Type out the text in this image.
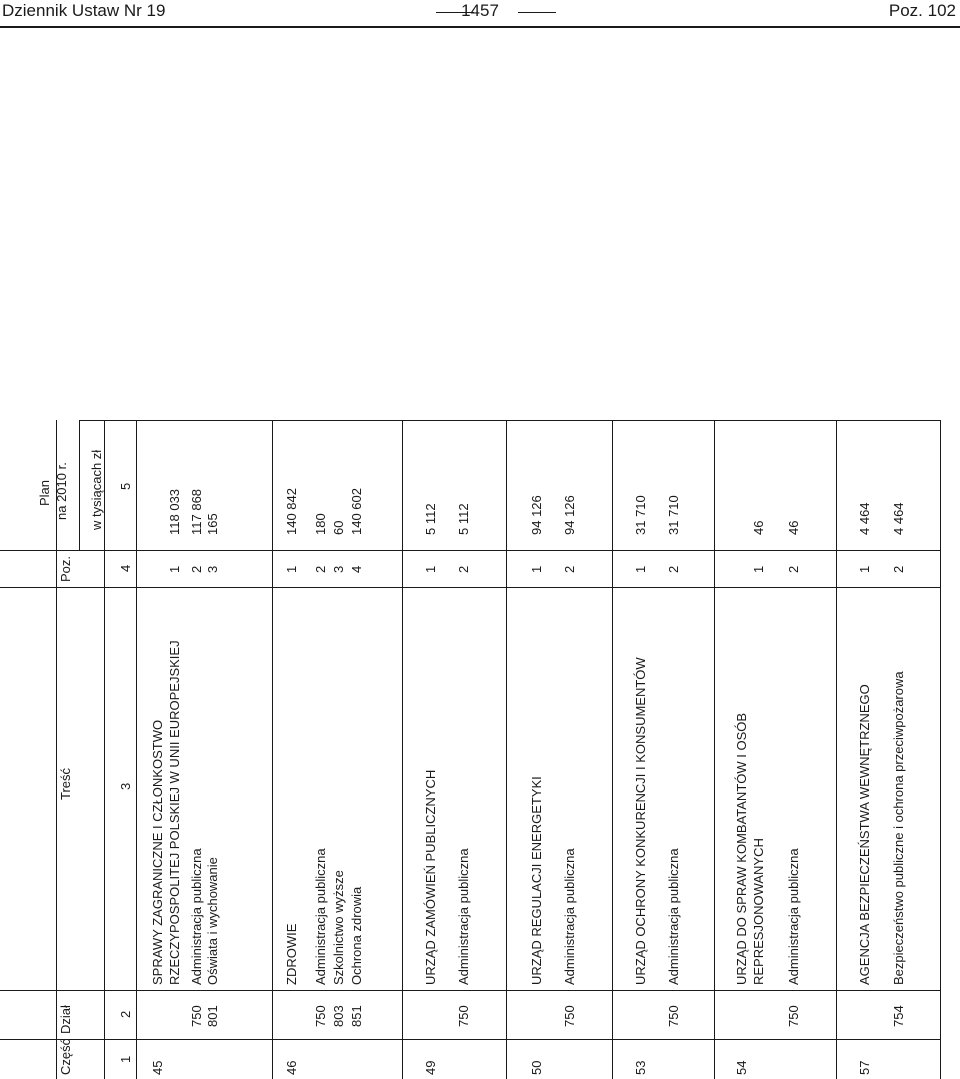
Dziennik Ustaw Nr 19	1457	Poz. 102
Część
Dział
Treść
Poz.
Plan na 2010 r. w tysiącach zł
1
2
3
4
5
45
SPRAWY ZAGRANICZNE I CZŁONKOSTWO RZECZYPOSPOLITEJ POLSKIEJ W UNII EUROPEJSKIEJ
1
118 033
750
Administracja publiczna
2
117 868
801
Oświata i wychowanie
3
165
46
ZDROWIE
1
140 842
750
Administracja publiczna
2
180
803
Szkolnictwo wyższe
3
60
851
Ochrona zdrowia
4
140 602
49
URZĄD ZAMÓWIEŃ PUBLICZNYCH
1
5 112
750
Administracja publiczna
2
5 112
50
URZĄD REGULACJI ENERGETYKI
1
94 126
750
Administracja publiczna
2
94 126
53
URZĄD OCHRONY KONKURENCJI I KONSUMENTÓW
1
31 710
750
Administracja publiczna
2
31 710
54
URZĄD DO SPRAW KOMBATANTÓW I OSÓB REPRESJONOWANYCH
1
46
750
Administracja publiczna
2
46
57
AGENCJA BEZPIECZEŃSTWA WEWNĘTRZNEGO
1
4 464
754
Bezpieczeństwo publiczne i ochrona przeciwpożarowa
2
4 464
